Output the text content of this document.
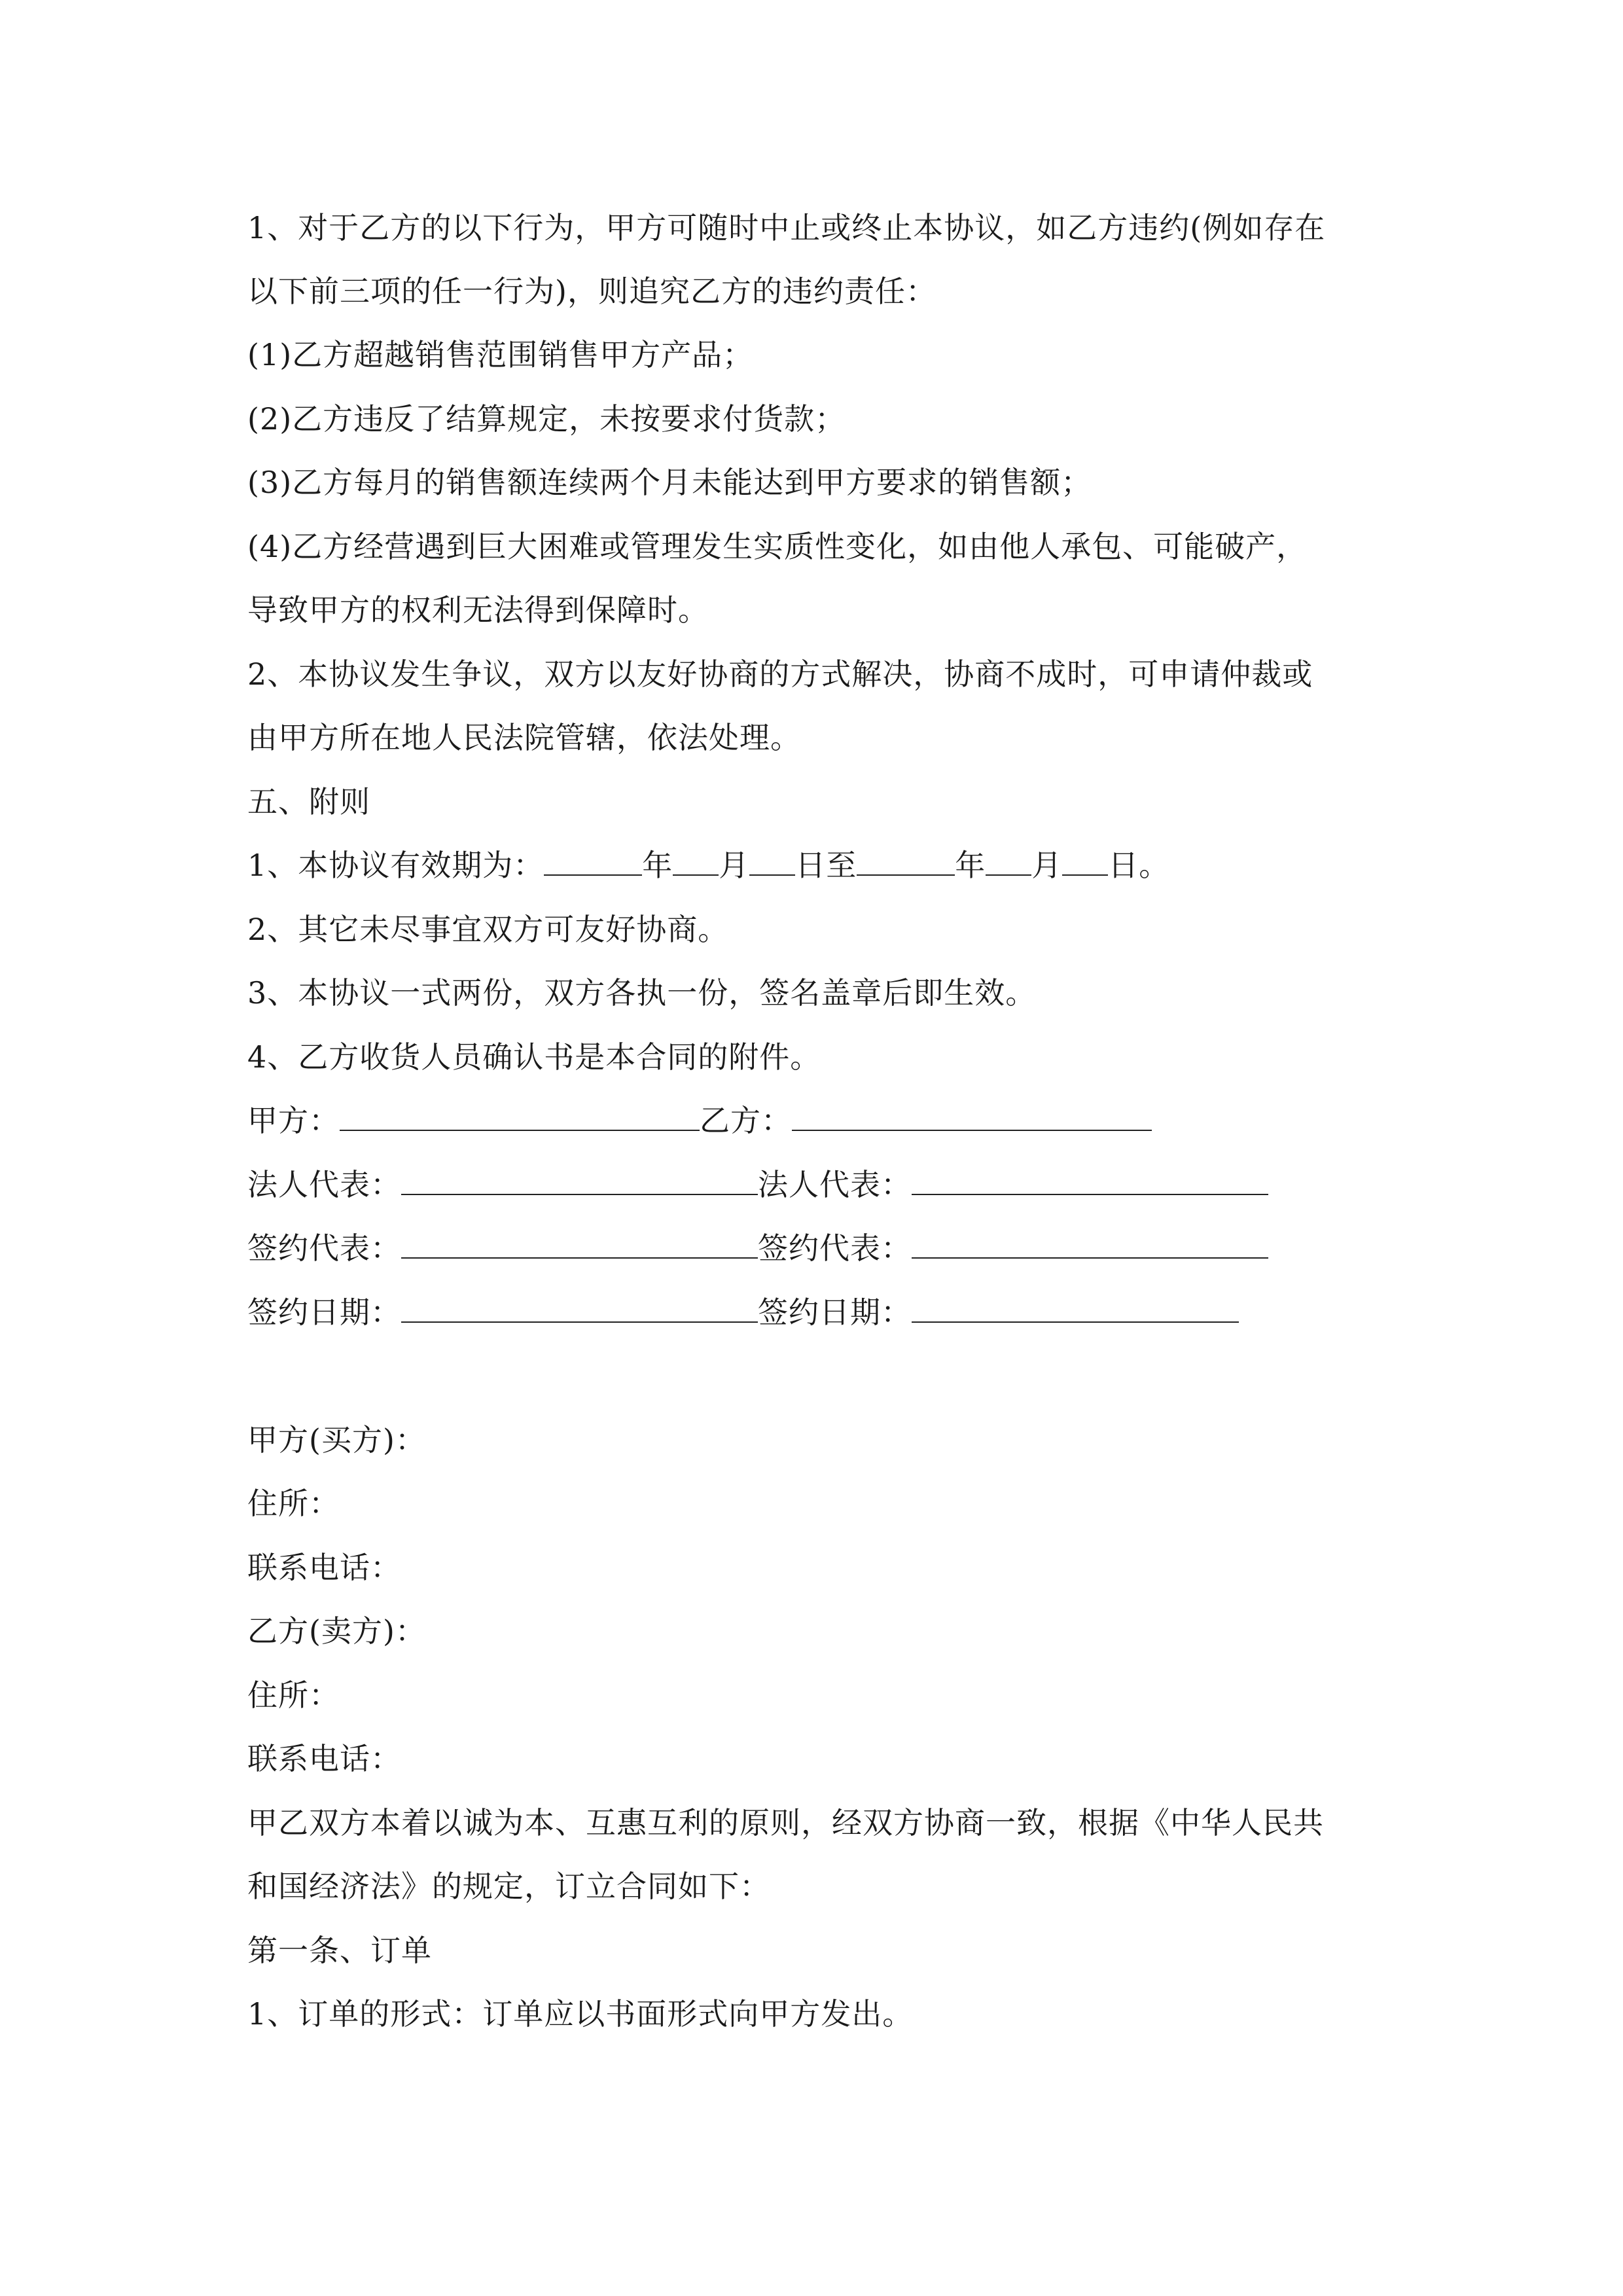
1、对于乙方的以下行为，甲方可随时中止或终止本协议，如乙方违约(例如存在
以下前三项的任一行为)，则追究乙方的违约责任：
(1)乙方超越销售范围销售甲方产品；
(2)乙方违反了结算规定，未按要求付货款；
(3)乙方每月的销售额连续两个月未能达到甲方要求的销售额；
(4)乙方经营遇到巨大困难或管理发生实质性变化，如由他人承包、可能破产，
导致甲方的权利无法得到保障时。
2、本协议发生争议，双方以友好协商的方式解决，协商不成时，可申请仲裁或
由甲方所在地人民法院管辖，依法处理。
五、附则
1、本协议有效期为：	年 月 日至	年 月 日。
2、其它未尽事宜双方可友好协商。
3、本协议一式两份，双方各执一份，签名盖章后即生效。
4、乙方收货人员确认书是本合同的附件。
甲方：	乙方：
法人代表：	法人代表：
签约代表：	签约代表：
签约日期：	签约日期：
甲方(买方)：
住所：
联系电话：
乙方(卖方)：
住所：
联系电话：
甲乙双方本着以诚为本、互惠互利的原则，经双方协商一致，根据《中华人民共
和国经济法》的规定，订立合同如下：
第一条、订单
1、订单的形式：订单应以书面形式向甲方发出。
